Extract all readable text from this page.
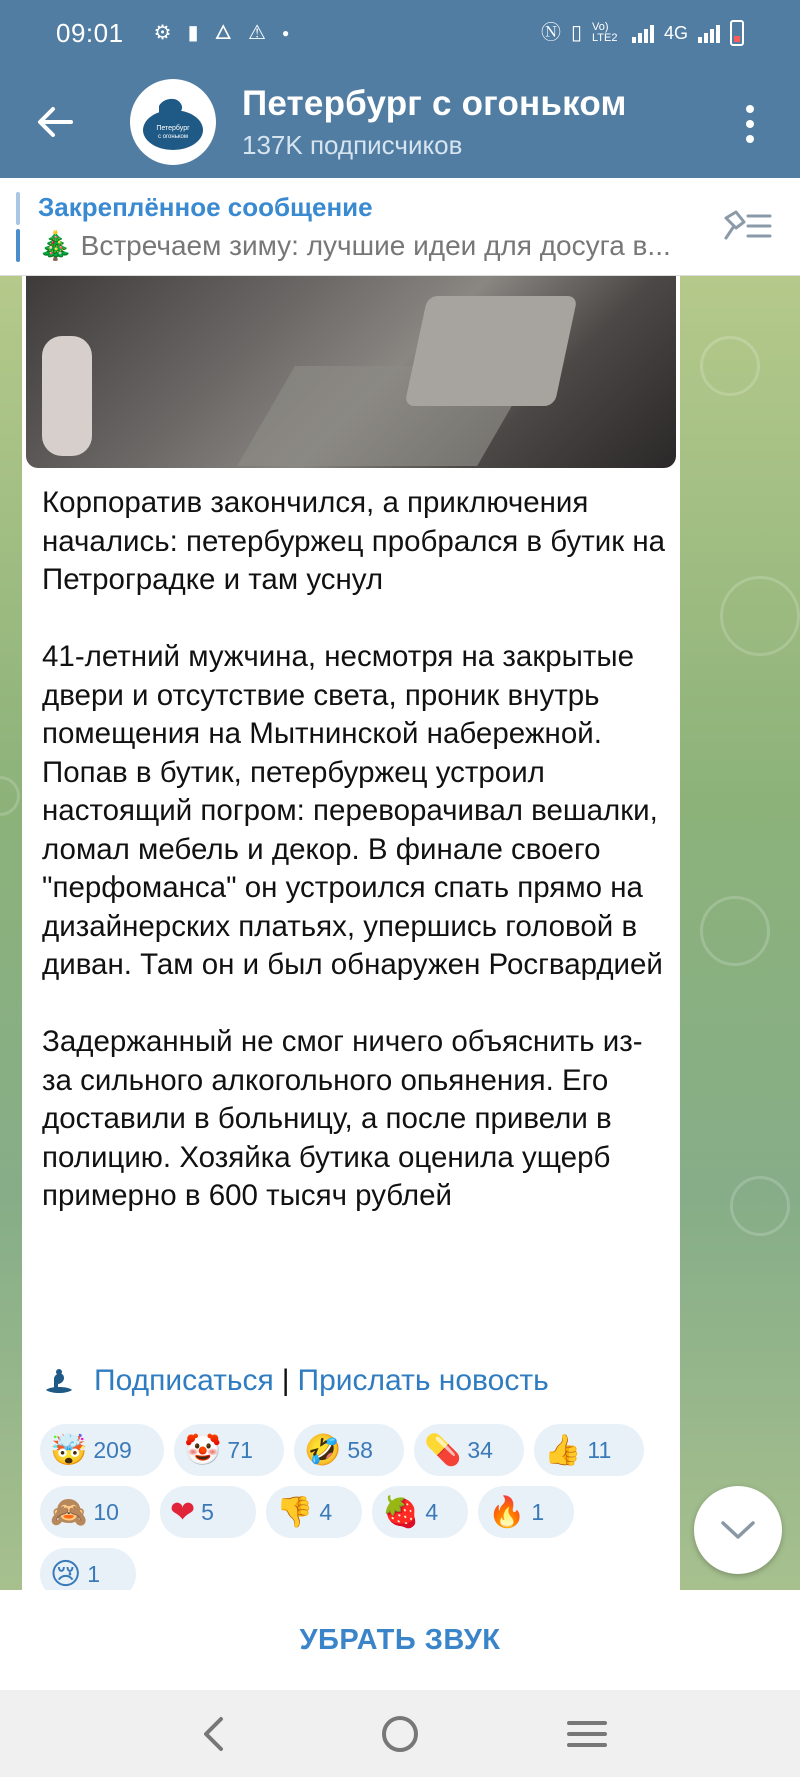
09:01 ⚙ ▮ 🜂 ⚠ ●	Ⓝ ▯ Vo) LTE2	4G
Петербург
с огоньком
Петербург с огоньком
137K подписчиков
Закреплённое сообщение
🎄 Встречаем зиму: лучшие идеи для досуга в...
Корпоратив закончился, а приключения начались: петербуржец пробрался в бутик на Петроградке и там уснул

41-летний мужчина, несмотря на закрытые двери и отсутствие света, проник внутрь помещения на Мытнинской набережной. Попав в бутик, петербуржец устроил настоящий погром: переворачивал вешалки, ломал мебель и декор. В финале своего "перфоманса" он устроился спать прямо на дизайнерских платьях, упершись головой в диван. Там он и был обнаружен Росгвардией

Задержанный не смог ничего объяснить из-за сильного алкогольного опьянения. Его доставили в больницу, а после привели в полицию. Хозяйка бутика оценила ущерб примерно в 600 тысяч рублей
Подписаться | Прислать новость
🤯 209 🤡 71 🤣 58 💊 34 👍 11
🙈 10 ❤ 5 👎 4 🍓 4 🔥 1
😢 1
УБРАТЬ ЗВУК
